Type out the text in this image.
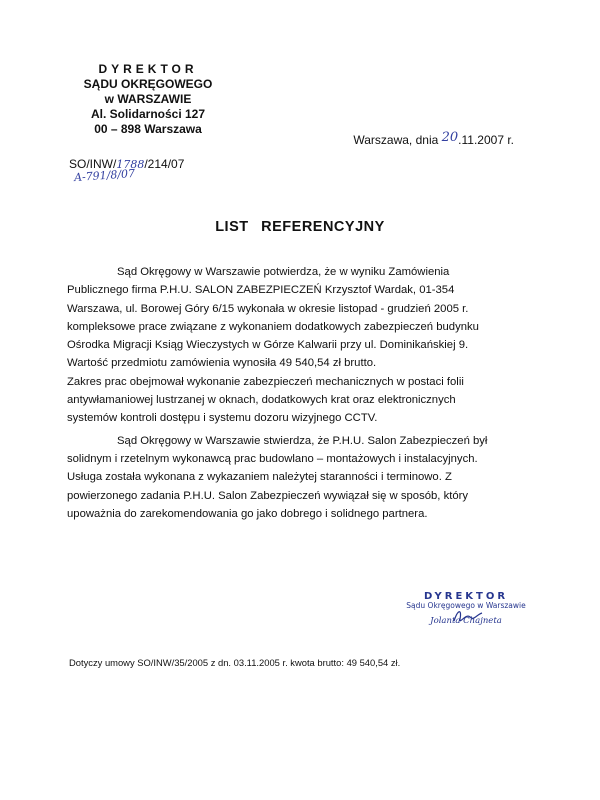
DYREKTOR
SĄDU OKRĘGOWEGO
w WARSZAWIE
Al. Solidarności 127
00 – 898 Warszawa
Warszawa, dnia 20.11.2007 r.
SO/INW/1788/214/07
A-791/8/07
LIST REFERENCYJNY

Sąd Okręgowy w Warszawie potwierdza, że w wyniku Zamówienia

Publicznego firma P.H.U. SALON ZABEZPIECZEŃ Krzysztof Wardak, 01-354

Warszawa, ul. Borowej Góry 6/15 wykonała w okresie listopad - grudzień 2005 r.

kompleksowe prace związane z wykonaniem dodatkowych zabezpieczeń budynku

Ośrodka Migracji Ksiąg Wieczystych w Górze Kalwarii przy ul. Dominikańskiej 9.

Wartość przedmiotu zamówienia wynosiła 49 540,54 zł brutto.

Zakres prac obejmował wykonanie zabezpieczeń mechanicznych w postaci folii

antywłamaniowej lustrzanej w oknach, dodatkowych krat oraz elektronicznych

systemów kontroli dostępu i systemu dozoru wizyjnego CCTV.

Sąd Okręgowy w Warszawie stwierdza, że P.H.U. Salon Zabezpieczeń był

solidnym i rzetelnym wykonawcą prac budowlano – montażowych i instalacyjnych.

Usługa została wykonana z wykazaniem należytej staranności i terminowo. Z

powierzonego zadania P.H.U. Salon Zabezpieczeń wywiązał się w sposób, który

upoważnia do zarekomendowania go jako dobrego i solidnego partnera.

DYREKTOR
Sądu Okręgowego w Warszawie
Jolanta Chajneta
Dotyczy umowy SO/INW/35/2005 z dn. 03.11.2005 r. kwota brutto: 49 540,54 zł.
